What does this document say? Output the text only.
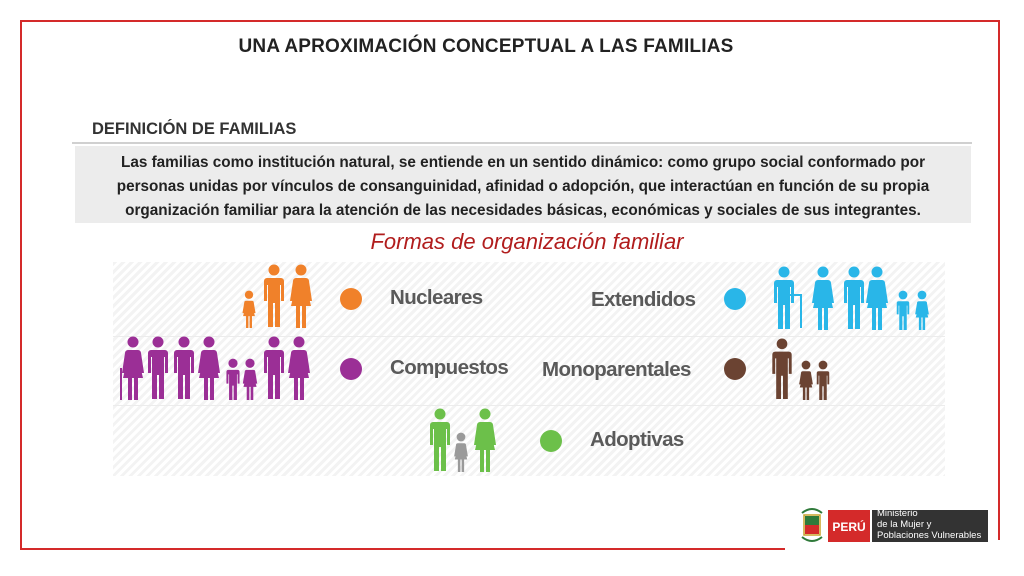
UNA APROXIMACIÓN CONCEPTUAL A LAS FAMILIAS
DEFINICIÓN DE FAMILIAS
Las familias como institución natural, se entiende en un sentido dinámico: como grupo social conformado por personas unidas por vínculos de consanguinidad, afinidad o adopción, que interactúan en función de su propia organización familiar para la atención de las necesidades básicas, económicas y sociales de sus integrantes.
Formas de organización familiar
Nucleares	Extendidos
Compuestos Monoparentales
Adoptivas
PERÚ
Ministerio
de la Mujer y
Poblaciones Vulnerables
